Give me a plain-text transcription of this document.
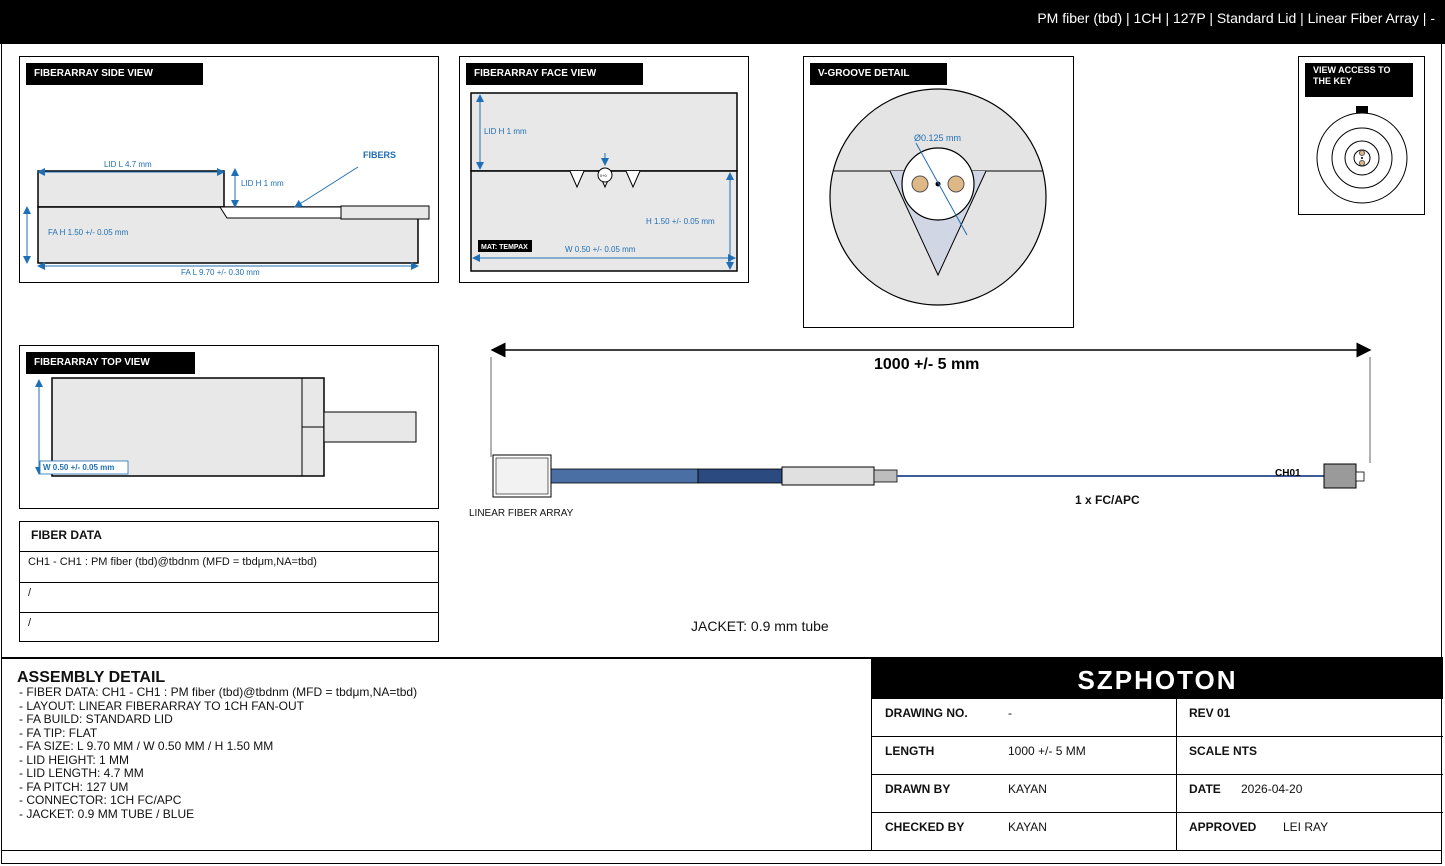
PM fiber (tbd) | 1CH | 127P | Standard Lid | Linear Fiber Array | -
FIBERARRAY SIDE VIEW
LID L 4.7 mm
LID H 1 mm
FA H 1.50 +/- 0.05 mm
FA L 9.70 +/- 0.30 mm
FIBERS
FIBERARRAY FACE VIEW
0+0
LID H 1 mm
H 1.50 +/- 0.05 mm
W 0.50 +/- 0.05 mm
MAT: TEMPAX
V-GROOVE DETAIL
Ø0.125 mm
VIEW ACCESS TO THE KEY
FIBERARRAY TOP VIEW
W 0.50 +/- 0.05 mm
1000 +/- 5 mm
CH01
LINEAR FIBER ARRAY
1 x FC/APC
JACKET: 0.9 mm tube
FIBER DATA
CH1 - CH1 : PM fiber (tbd)@tbdnm (MFD = tbdμm,NA=tbd)
/
/
ASSEMBLY DETAIL
- FIBER DATA: CH1 - CH1 : PM fiber (tbd)@tbdnm (MFD = tbdμm,NA=tbd)
- LAYOUT: LINEAR FIBERARRAY TO 1CH FAN-OUT
- FA BUILD: STANDARD LID
- FA TIP: FLAT
- FA SIZE: L 9.70 MM / W 0.50 MM / H 1.50 MM
- LID HEIGHT: 1 MM
- LID LENGTH: 4.7 MM
- FA PITCH: 127 UM
- CONNECTOR: 1CH FC/APC
- JACKET: 0.9 MM TUBE / BLUE
SZPHOTON
DRAWING NO.	-	REV 01
LENGTH	1000 +/- 5 MM	SCALE NTS
DRAWN BY	KAYAN	DATE 2026-04-20
CHECKED BY	KAYAN	APPROVED LEI RAY
